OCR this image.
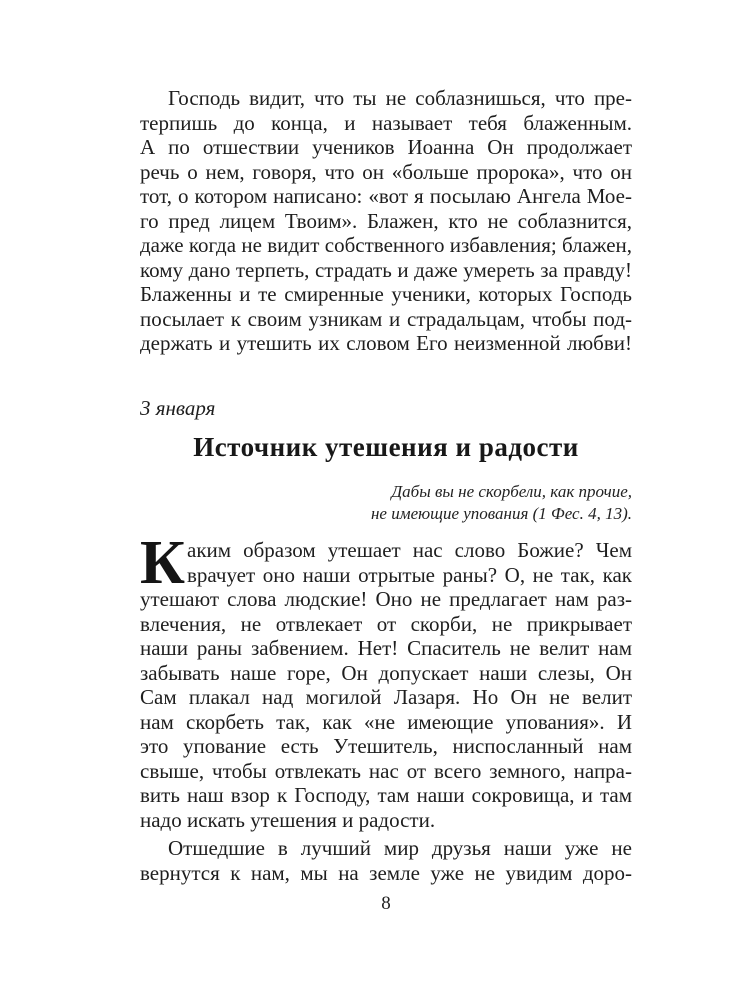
Господь видит, что ты не соблазнишься, что пре-
терпишь до конца, и называет тебя блаженным.
А по отшествии учеников Иоанна Он продолжает
речь о нем, говоря, что он «больше пророка», что он
тот, о котором написано: «вот я посылаю Ангела Мое-
го пред лицем Твоим». Блажен, кто не соблазнится,
даже когда не видит собственного избавления; блажен,
кому дано терпеть, страдать и даже умереть за правду!
Блаженны и те смиренные ученики, которых Господь
посылает к своим узникам и страдальцам, чтобы под-
держать и утешить их словом Его неизменной любви!
3 января
Источник утешения и радости
Дабы вы не скорбели, как прочие,
не имеющие упования (1 Фес. 4, 13).
К аким образом утешает нас слово Божие? Чем
врачует оно наши отрытые раны? О, не так, как
утешают слова людские! Оно не предлагает нам раз-
влечения, не отвлекает от скорби, не прикрывает
наши раны забвением. Нет! Спаситель не велит нам
забывать наше горе, Он допускает наши слезы, Он
Сам плакал над могилой Лазаря. Но Он не велит
нам скорбеть так, как «не имеющие упования». И
это упование есть Утешитель, ниспосланный нам
свыше, чтобы отвлекать нас от всего земного, напра-
вить наш взор к Господу, там наши сокровища, и там
надо искать утешения и радости.
Отшедшие в лучший мир друзья наши уже не
вернутся к нам, мы на земле уже не увидим доро-
8
